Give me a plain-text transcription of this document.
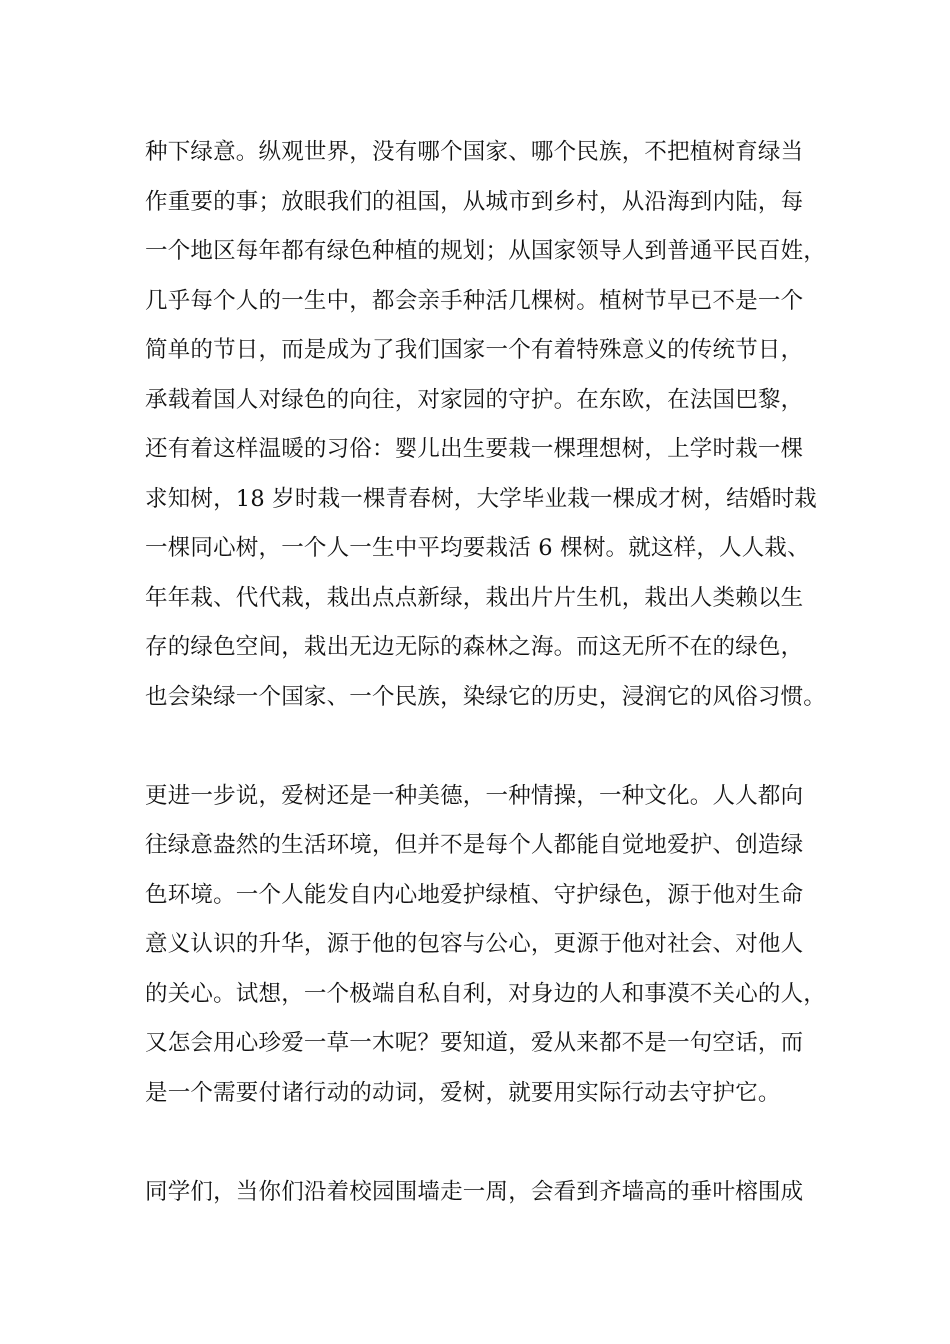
种下绿意。纵观世界，没有哪个国家、哪个民族，不把植树育绿当
作重要的事；放眼我们的祖国，从城市到乡村，从沿海到内陆，每
一个地区每年都有绿色种植的规划；从国家领导人到普通平民百姓，
几乎每个人的一生中，都会亲手种活几棵树。植树节早已不是一个
简单的节日，而是成为了我们国家一个有着特殊意义的传统节日，
承载着国人对绿色的向往，对家园的守护。在东欧，在法国巴黎，
还有着这样温暖的习俗：婴儿出生要栽一棵理想树，上学时栽一棵
求知树，18 岁时栽一棵青春树，大学毕业栽一棵成才树，结婚时栽
一棵同心树，一个人一生中平均要栽活 6 棵树。就这样，人人栽、
年年栽、代代栽，栽出点点新绿，栽出片片生机，栽出人类赖以生
存的绿色空间，栽出无边无际的森林之海。而这无所不在的绿色，
也会染绿一个国家、一个民族，染绿它的历史，浸润它的风俗习惯。
更进一步说，爱树还是一种美德，一种情操，一种文化。人人都向
往绿意盎然的生活环境，但并不是每个人都能自觉地爱护、创造绿
色环境。一个人能发自内心地爱护绿植、守护绿色，源于他对生命
意义认识的升华，源于他的包容与公心，更源于他对社会、对他人
的关心。试想，一个极端自私自利，对身边的人和事漠不关心的人，
又怎会用心珍爱一草一木呢？要知道，爱从来都不是一句空话，而
是一个需要付诸行动的动词，爱树，就要用实际行动去守护它。
同学们，当你们沿着校园围墙走一周，会看到齐墙高的垂叶榕围成
